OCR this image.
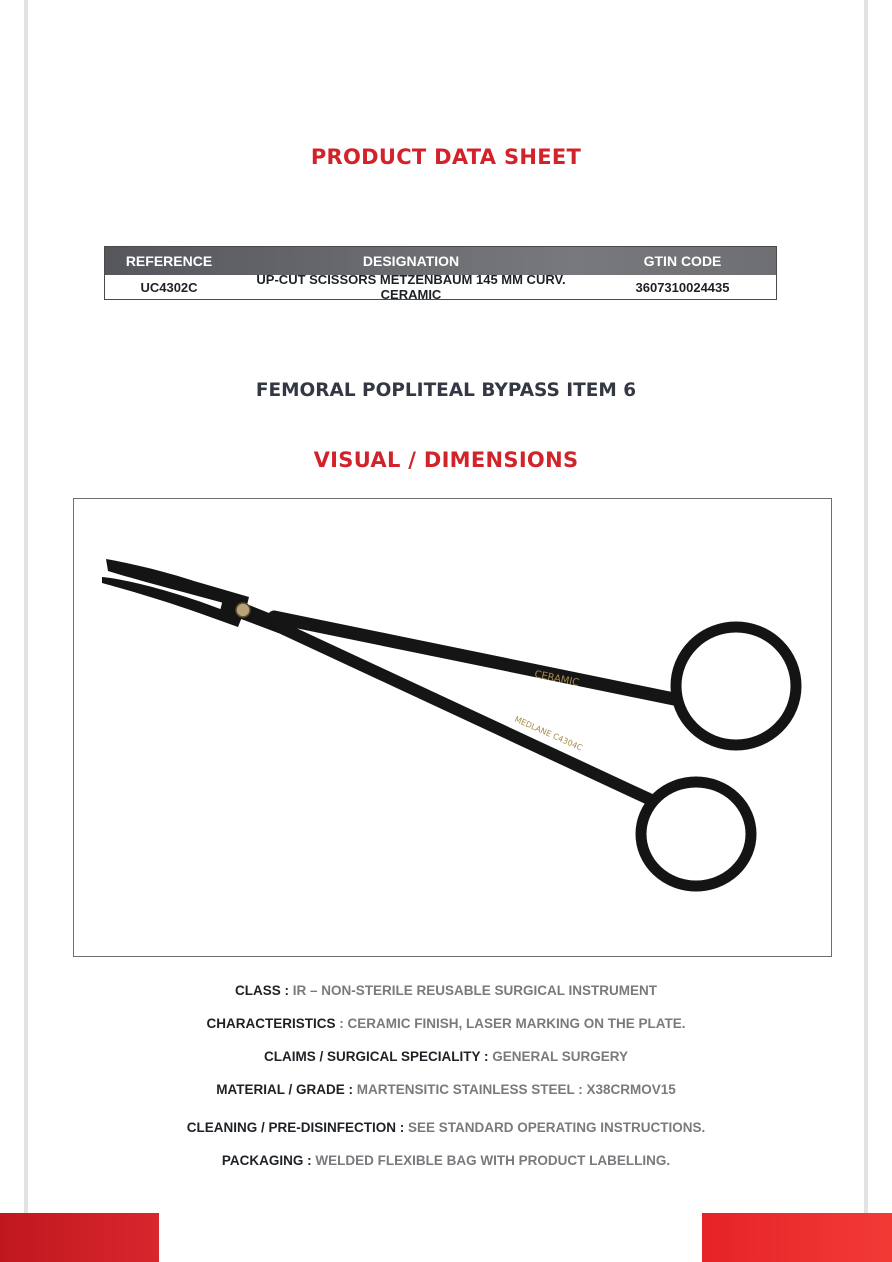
PRODUCT DATA SHEET
REFERENCE	DESIGNATION	GTIN CODE
UC4302C	UP-CUT SCISSORS METZENBAUM 145 MM CURV. CERAMIC	3607310024435
FEMORAL POPLITEAL BYPASS ITEM 6
VISUAL / DIMENSIONS
CERAMIC
MEDLANE C4304C
CLASS : IR – NON-STERILE REUSABLE SURGICAL INSTRUMENT
CHARACTERISTICS : CERAMIC FINISH, LASER MARKING ON THE PLATE.
CLAIMS / SURGICAL SPECIALITY : GENERAL SURGERY
MATERIAL / GRADE : MARTENSITIC STAINLESS STEEL : X38CRMOV15
CLEANING / PRE-DISINFECTION : SEE STANDARD OPERATING INSTRUCTIONS.
PACKAGING : WELDED FLEXIBLE BAG WITH PRODUCT LABELLING.
